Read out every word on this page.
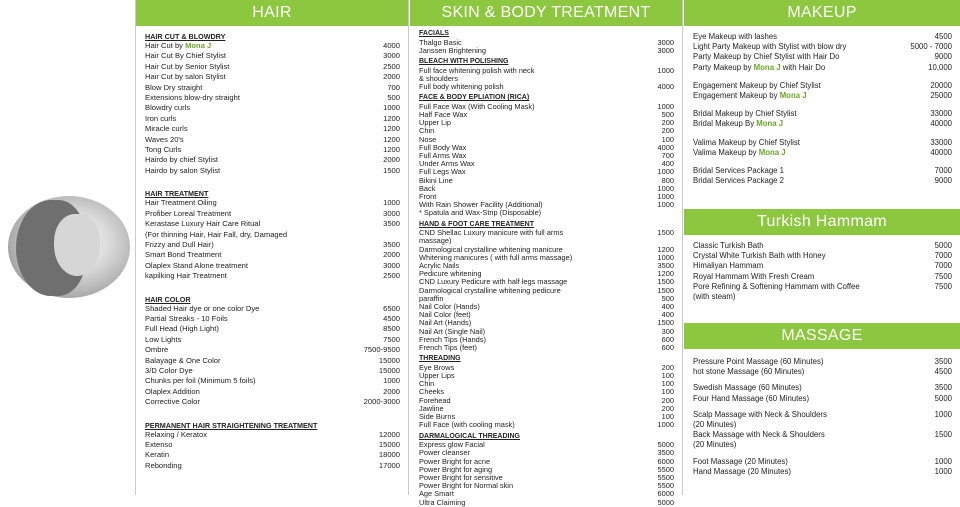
HAIR
HAIR CUT & BLOWDRY
Hair Cut by Mona J	4000
Hair Cut By Chief Stylist	3000
Hair Cut by Senior Stylist	2500
Hair Cut by salon Stylist	2000
Blow Dry straight	700
Extensions blow-dry straight	500
Blowdry curls	1000
Iron curls	1200
Miracle curls	1200
Waves 20's	1200
Tong Curls	1200
Hairdo by chief Stylist	2000
Hairdo by salon Stylist	1500
HAIR TREATMENT
Hair Treatment Oiling	1000
Profiber Loreal Treatment	3000
Kerastase Luxury Hair Care Ritual	3500
(For thinning Hair, Hair Fall, dry, Damaged
Frizzy and Dull Hair)	3500
Smart Bond Treatment	2000
Olaplex Stand Alone treatment	3000
kapilking Hair Treatment	2500
HAIR COLOR
Shaded Hair dye or one color Dye	6500
Partial Streaks - 10 Foils	4500
Full Head (High Light)	8500
Low Lights	7500
Ombre	7500-9500
Balayage & One Color	15000
3/D Color Dye	15000
Chunks per foil (Minimum 5 foils)	1000
Olaplex Addition	2000
Corrective Color	2000-3000
PERMANENT HAIR STRAIGHTENING TREATMENT
Relaxing / Keratox	12000
Extenso	15000
Keratin	18000
Rebonding	17000
SKIN & BODY TREATMENT
FACIALS
Thalgo Basic	3000
Janssen Brightening	3000
BLEACH WITH POLISHING
Full face whitening polish with neck	1000
& shoulders
Full body whitening polish	4000
FACE & BODY EPLIATION (RICA)
Full Face Wax (With Cooling Mask)	1000
Half Face Wax	500
Upper Lip	200
Chin	200
Nose	100
Full Body Wax	4000
Full Arms Wax	700
Under Arms Wax	400
Full Legs Wax	1000
Bikini Line	800
Back	1000
Front	1000
With Rain Shower Facility (Additional)	1000
* Spatula and Wax-Strip (Disposable)
HAND & FOOT CARE TREATMENT
CND Shellac Luxury manicure with full arms	1500
massage)
Darmological crystalline whitening manicure	1200
Whitening manicures ( with full arms massage)	1000
Acrylic Nails	3500
Pedicure whitening	1200
CND Luxury Pedicure with half legs massage	1500
Darmological crystalline whitening pedicure	1500
paraffin	500
Nail Color (Hands)	400
Nail Color (feet)	400
Nail Art (Hands)	1500
Nail Art (Single Nail)	300
French Tips (Hands)	600
French Tips (feet)	600
THREADING
Eye Brows	200
Upper Lips	100
Chin	100
Cheeks	100
Forehead	200
Jawline	200
Side Burns	100
Full Face (with cooling mask)	1000
DARMALOGICAL THREADING
Express glow Facial	5000
Power cleanser	3500
Power Bright for acne	6000
Power Bright for aging	5500
Power Bright for sensitive	5500
Power Bright for Normal skin	5500
Age Smart	6000
Ultra Claiming	5000
MAKEUP
Eye Makeup with lashes	4500
Light Party Makeup with Stylist with blow dry	5000 - 7000
Party Makeup by Chief Stylist with Hair Do	9000
Party Makeup by Mona J with Hair Do	10,000
Engagement Makeup by Chief Stylist	20000
Engagement Makeup by Mona J	25000
Bridal Makeup by Chief Stylist	33000
Bridal Makeup By Mona J	40000
Valima Makeup by Chief Stylist	33000
Valima Makeup by Mona J	40000
Bridal Services Package 1	7000
Bridal Services Package 2	9000
Turkish Hammam
Classic Turkish Bath	5000
Crystal White Turkish Bath with Honey	7000
Himaliyan Hammam	7000
Royal Hammam With Fresh Cream	7500
Pore Refining & Softening Hammam with Coffee	7500
(with steam)
MASSAGE
Pressure Point Massage (60 Minutes)	3500
hot stone Massage (60 Minutes)	4500
Swedish Massage (60 Minutes)	3500
Four Hand Massage (60 Minutes)	5000
Scalp Massage with Neck & Shoulders	1000
(20 Minutes)
Back Massage with Neck & Shoulders	1500
(20 Minutes)
Foot Massage (20 Minutes)	1000
Hand Massage (20 Minutes)	1000
